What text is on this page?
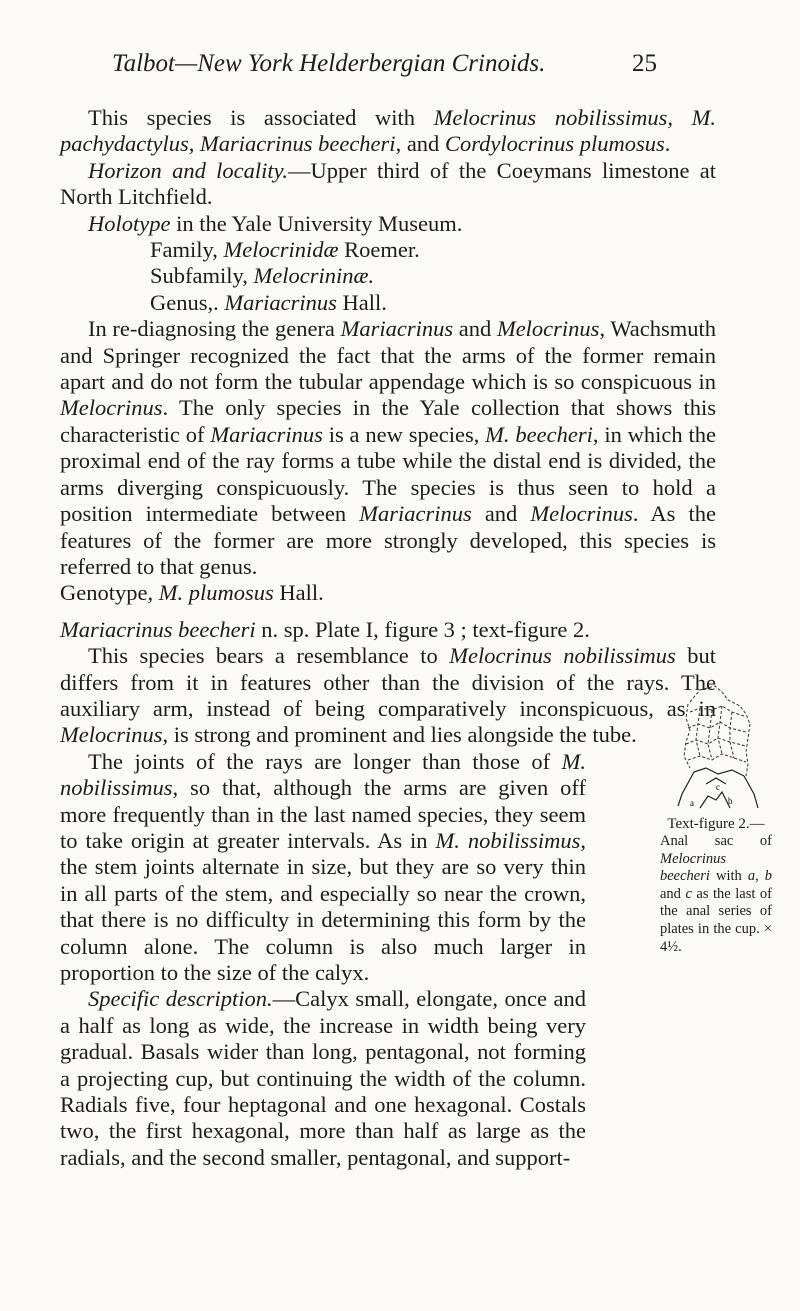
Talbot—New York Helderbergian Crinoids.	25

This species is associated with Melocrinus nobilissimus, M. pachydactylus, Mariacrinus beecheri, and Cordylocrinus plumosus.

Horizon and locality.—Upper third of the Coeymans limestone at North Litchfield.

Holotype in the Yale University Museum.

Family, Melocrinidæ Roemer.

Subfamily, Melocrininæ.

Genus,. Mariacrinus Hall.

In re-diagnosing the genera Mariacrinus and Melocrinus, Wachsmuth and Springer recognized the fact that the arms of the former remain apart and do not form the tubular appendage which is so conspicuous in Melocrinus. The only species in the Yale collection that shows this characteristic of Mariacrinus is a new species, M. beecheri, in which the proximal end of the ray forms a tube while the distal end is divided, the arms diverging conspicuously. The species is thus seen to hold a position intermediate between Mariacrinus and Melocrinus. As the features of the former are more strongly developed, this species is referred to that genus.

Genotype, M. plumosus Hall.

Mariacrinus beecheri n. sp. Plate I, figure 3 ; text-figure 2.

This species bears a resemblance to Melocrinus nobilissimus but differs from it in features other than the division of the rays. The auxiliary arm, instead of being comparatively inconspicuous, as in Melocrinus, is strong and prominent and lies alongside the tube.

The joints of the rays are longer than those of M. nobilissimus, so that, although the arms are given off more frequently than in the last named species, they seem to take origin at greater intervals. As in M. nobilissimus, the stem joints alternate in size, but they are so very thin in all parts of the stem, and especially so near the crown, that there is no difficulty in determining this form by the column alone. The column is also much larger in proportion to the size of the calyx.

Specific description.—Calyx small, elongate, once and a half as long as wide, the increase in width being very gradual. Basals wider than long, pentagonal, not forming a projecting cup, but continuing the width of the column. Radials five, four heptagonal and one hexagonal. Costals two, the first hexagonal, more than half as large as the radials, and the second smaller, pentagonal, and support-

c
a	b
Text-figure 2.—
Anal sac of Melocrinus beecheri with a, b and c as the last of the anal series of plates in the cup. × 4½.
